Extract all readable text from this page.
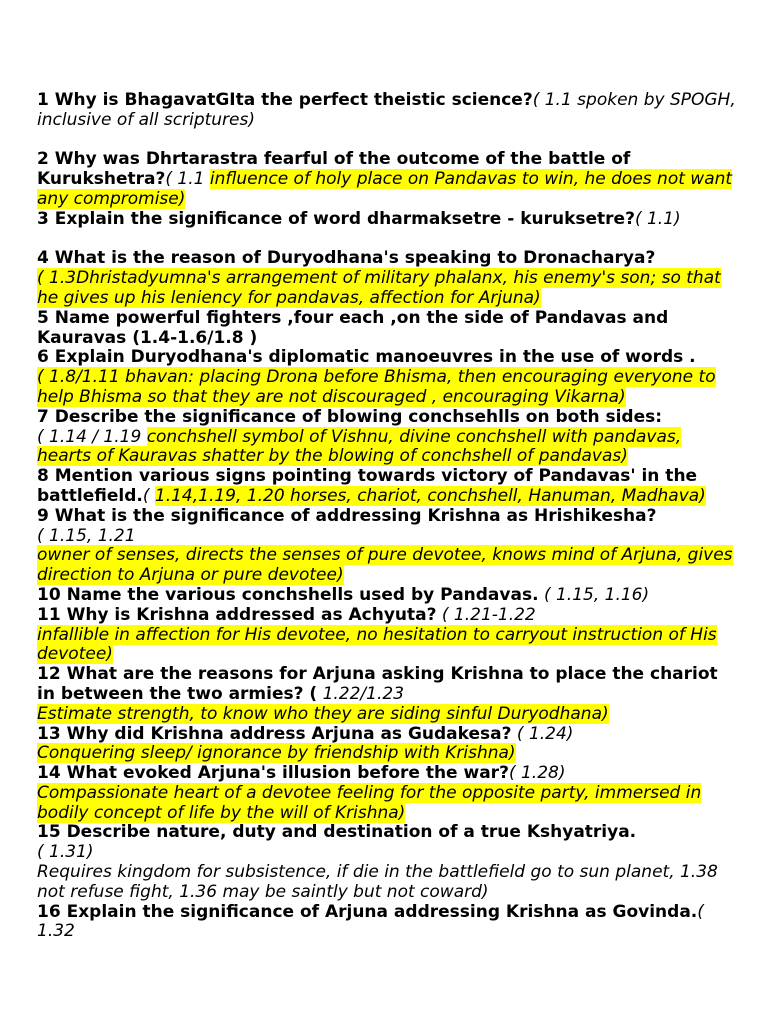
1 Why is BhagavatGIta the perfect theistic science?( 1.1 spoken by SPOGH, inclusive of all scriptures)
2 Why was Dhrtarastra fearful of the outcome of the battle of Kurukshetra?( 1.1 influence of holy place on Pandavas to win, he does not want any compromise)
3 Explain the significance of word dharmaksetre - kuruksetre?( 1.1)
4 What is the reason of Duryodhana's speaking to Dronacharya?
( 1.3Dhristadyumna's arrangement of military phalanx, his enemy's son; so that he gives up his leniency for pandavas, affection for Arjuna)
5 Name powerful fighters ,four each ,on the side of Pandavas and Kauravas (1.4-1.6/1.8 )
6 Explain Duryodhana's diplomatic manoeuvres in the use of words .
( 1.8/1.11 bhavan: placing Drona before Bhisma, then encouraging everyone to help Bhisma so that they are not discouraged , encouraging Vikarna)
7 Describe the significance of blowing conchsehlls on both sides:
( 1.14 / 1.19 conchshell symbol of Vishnu, divine conchshell with pandavas, hearts of Kauravas shatter by the blowing of conchshell of pandavas)
8 Mention various signs pointing towards victory of Pandavas' in the battlefield.( 1.14,1.19, 1.20 horses, chariot, conchshell, Hanuman, Madhava)
9 What is the significance of addressing Krishna as Hrishikesha?
( 1.15, 1.21
owner of senses, directs the senses of pure devotee, knows mind of Arjuna, gives direction to Arjuna or pure devotee)
10 Name the various conchshells used by Pandavas. ( 1.15, 1.16)
11 Why is Krishna addressed as Achyuta? ( 1.21-1.22
infallible in affection for His devotee, no hesitation to carryout instruction of His devotee)
12 What are the reasons for Arjuna asking Krishna to place the chariot in between the two armies? ( 1.22/1.23
Estimate strength, to know who they are siding sinful Duryodhana)
13 Why did Krishna address Arjuna as Gudakesa? ( 1.24)
Conquering sleep/ ignorance by friendship with Krishna)
14 What evoked Arjuna's illusion before the war?( 1.28)
Compassionate heart of a devotee feeling for the opposite party, immersed in bodily concept of life by the will of Krishna)
15 Describe nature, duty and destination of a true Kshyatriya.
( 1.31)
Requires kingdom for subsistence, if die in the battlefield go to sun planet, 1.38 not refuse fight, 1.36 may be saintly but not coward)
16 Explain the significance of Arjuna addressing Krishna as Govinda.( 1.32
